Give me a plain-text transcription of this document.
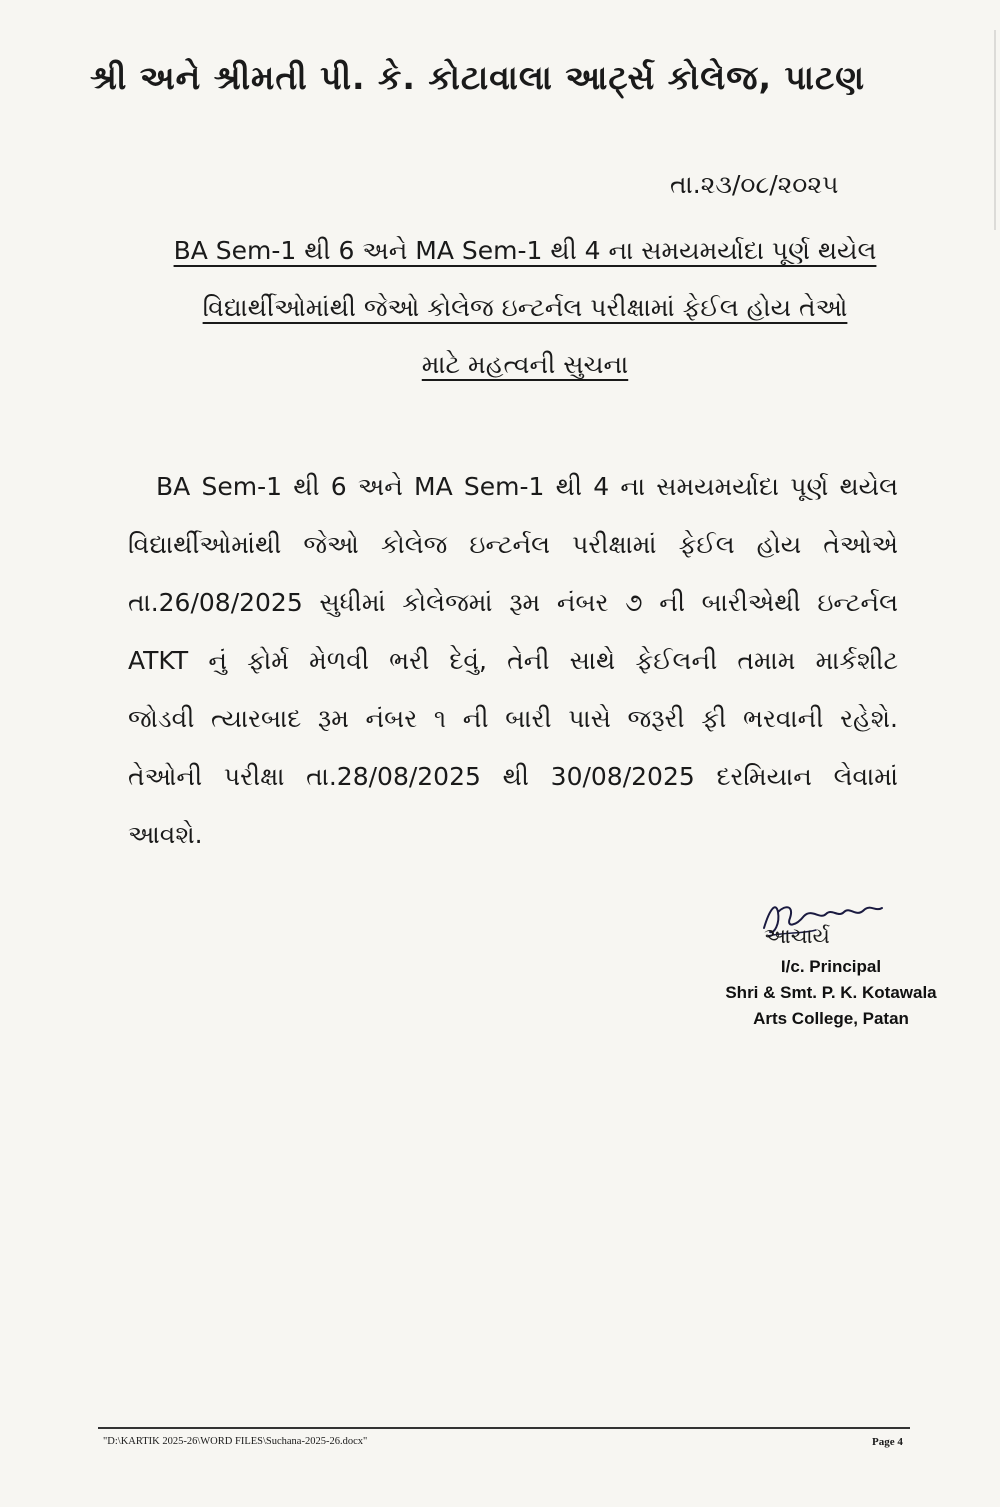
શ્રી અને શ્રીમતી પી. કે. કોટાવાલા આર્ટ્સ કોલેજ, પાટણ
તા.૨૩/૦૮/૨૦૨૫
BA Sem-1 થી 6 અને MA Sem-1 થી 4 ના સમયમર્યાદા પૂર્ણ થયેલ
વિદ્યાર્થીઓમાંથી જેઓ કોલેજ ઇન્ટર્નલ પરીક્ષામાં ફેઈલ હોય તેઓ
માટે મહત્વની સુચના
BA Sem-1 થી 6 અને MA Sem-1 થી 4 ના સમયમર્યાદા પૂર્ણ થયેલ
વિદ્યાર્થીઓમાંથી જેઓ કોલેજ ઇન્ટર્નલ પરીક્ષામાં ફેઈલ હોય તેઓએ
તા.26/08/2025 સુધીમાં કોલેજમાં રૂમ નંબર ૭ ની બારીએથી ઇન્ટર્નલ
ATKT નું ફોર્મ મેળવી ભરી દેવું, તેની સાથે ફેઈલની તમામ માર્કશીટ
જોડવી ત્યારબાદ રૂમ નંબર ૧ ની બારી પાસે જરૂરી ફી ભરવાની રહેશે.
તેઓની પરીક્ષા તા.28/08/2025 થી 30/08/2025 દરમિયાન લેવામાં
આવશે.
આચાર્ય
I/c. Principal
Shri & Smt. P. K. Kotawala
Arts College, Patan
"D:\KARTIK 2025-26\WORD FILES\Suchana-2025-26.docx"	Page 4
